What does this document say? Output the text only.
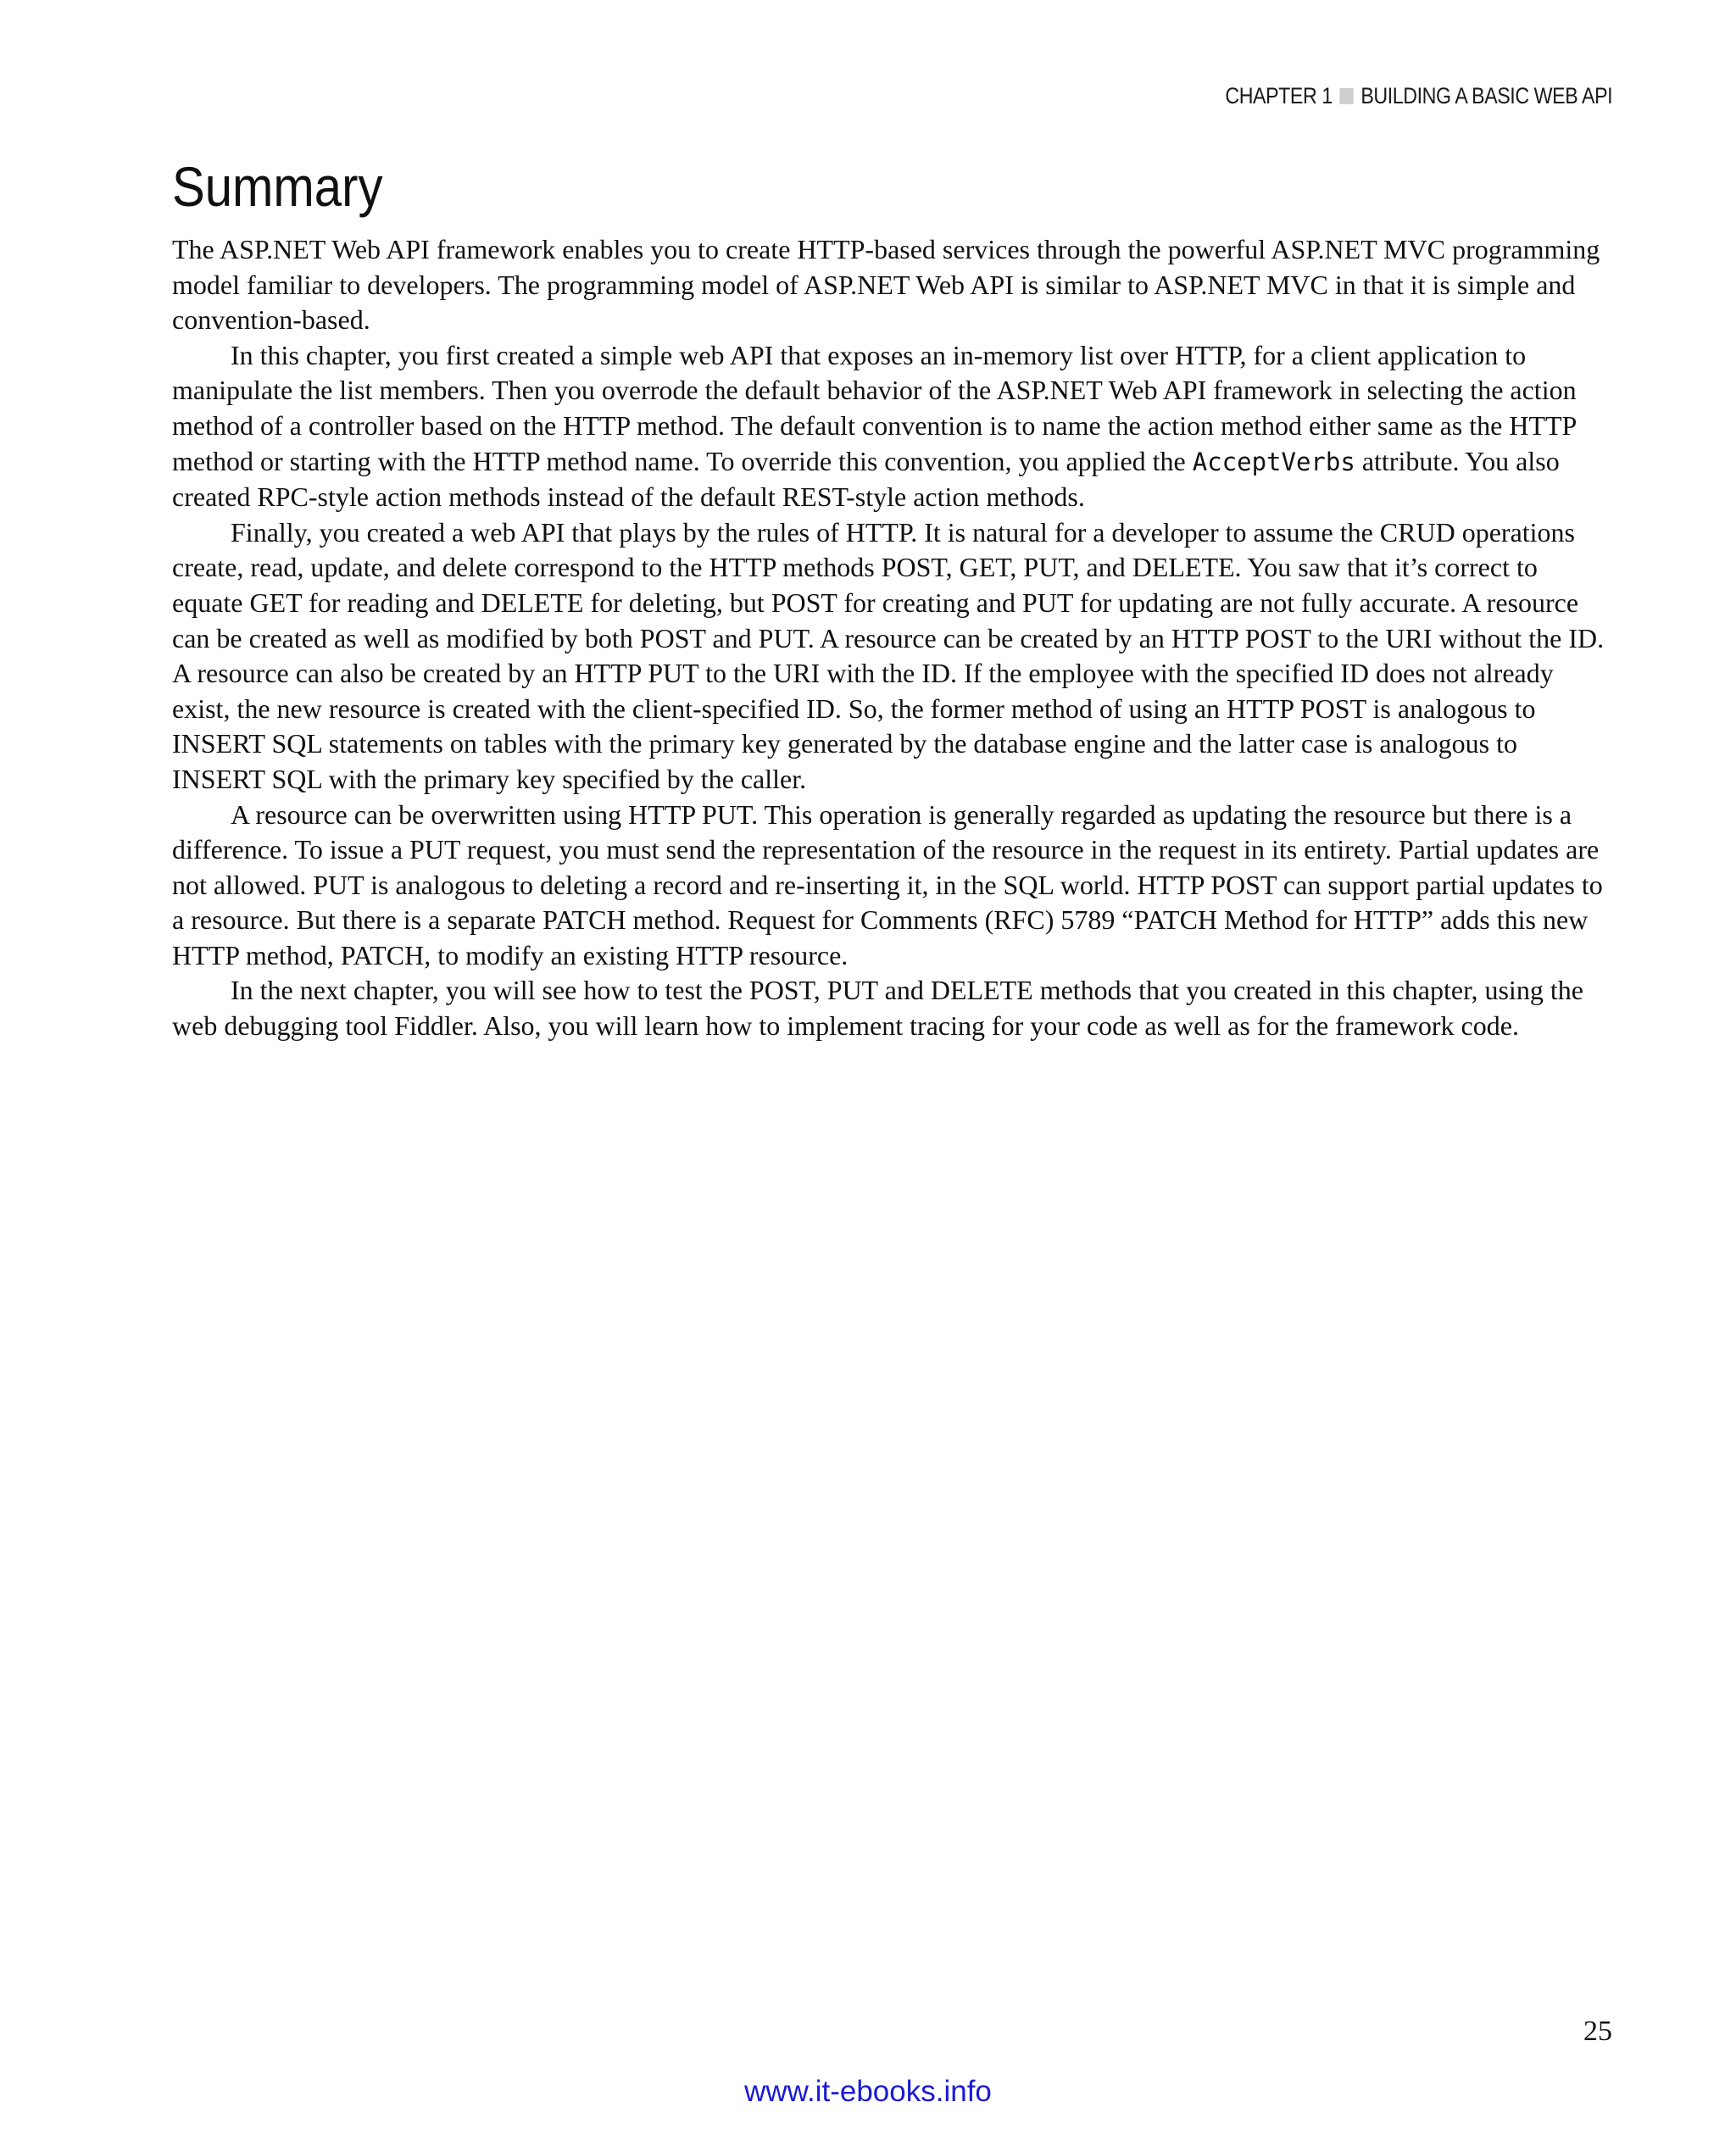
CHAPTER 1 BUILDING A BASIC WEB API
Summary

The ASP.NET Web API framework enables you to create HTTP-based services through the powerful ASP.NET MVC programming model familiar to developers. The programming model of ASP.NET Web API is similar to ASP.NET MVC in that it is simple and convention-based.

In this chapter, you first created a simple web API that exposes an in-memory list over HTTP, for a client application to manipulate the list members. Then you overrode the default behavior of the ASP.NET Web API framework in selecting the action method of a controller based on the HTTP method. The default convention is to name the action method either same as the HTTP method or starting with the HTTP method name. To override this convention, you applied the AcceptVerbs attribute. You also created RPC-style action methods instead of the default REST-style action methods.

Finally, you created a web API that plays by the rules of HTTP. It is natural for a developer to assume the CRUD operations create, read, update, and delete correspond to the HTTP methods POST, GET, PUT, and DELETE. You saw that it’s correct to equate GET for reading and DELETE for deleting, but POST for creating and PUT for updating are not fully accurate. A resource can be created as well as modified by both POST and PUT. A resource can be created by an HTTP POST to the URI without the ID. A resource can also be created by an HTTP PUT to the URI with the ID. If the employee with the specified ID does not already exist, the new resource is created with the client-specified ID. So, the former method of using an HTTP POST is analogous to INSERT SQL statements on tables with the primary key generated by the database engine and the latter case is analogous to INSERT SQL with the primary key specified by the caller.

A resource can be overwritten using HTTP PUT. This operation is generally regarded as updating the resource but there is a difference. To issue a PUT request, you must send the representation of the resource in the request in its entirety. Partial updates are not allowed. PUT is analogous to deleting a record and re-inserting it, in the SQL world. HTTP POST can support partial updates to a resource. But there is a separate PATCH method. Request for Comments (RFC) 5789 “PATCH Method for HTTP” adds this new HTTP method, PATCH, to modify an existing HTTP resource.

In the next chapter, you will see how to test the POST, PUT and DELETE methods that you created in this chapter, using the web debugging tool Fiddler. Also, you will learn how to implement tracing for your code as well as for the framework code.

25
www.it-ebooks.info
